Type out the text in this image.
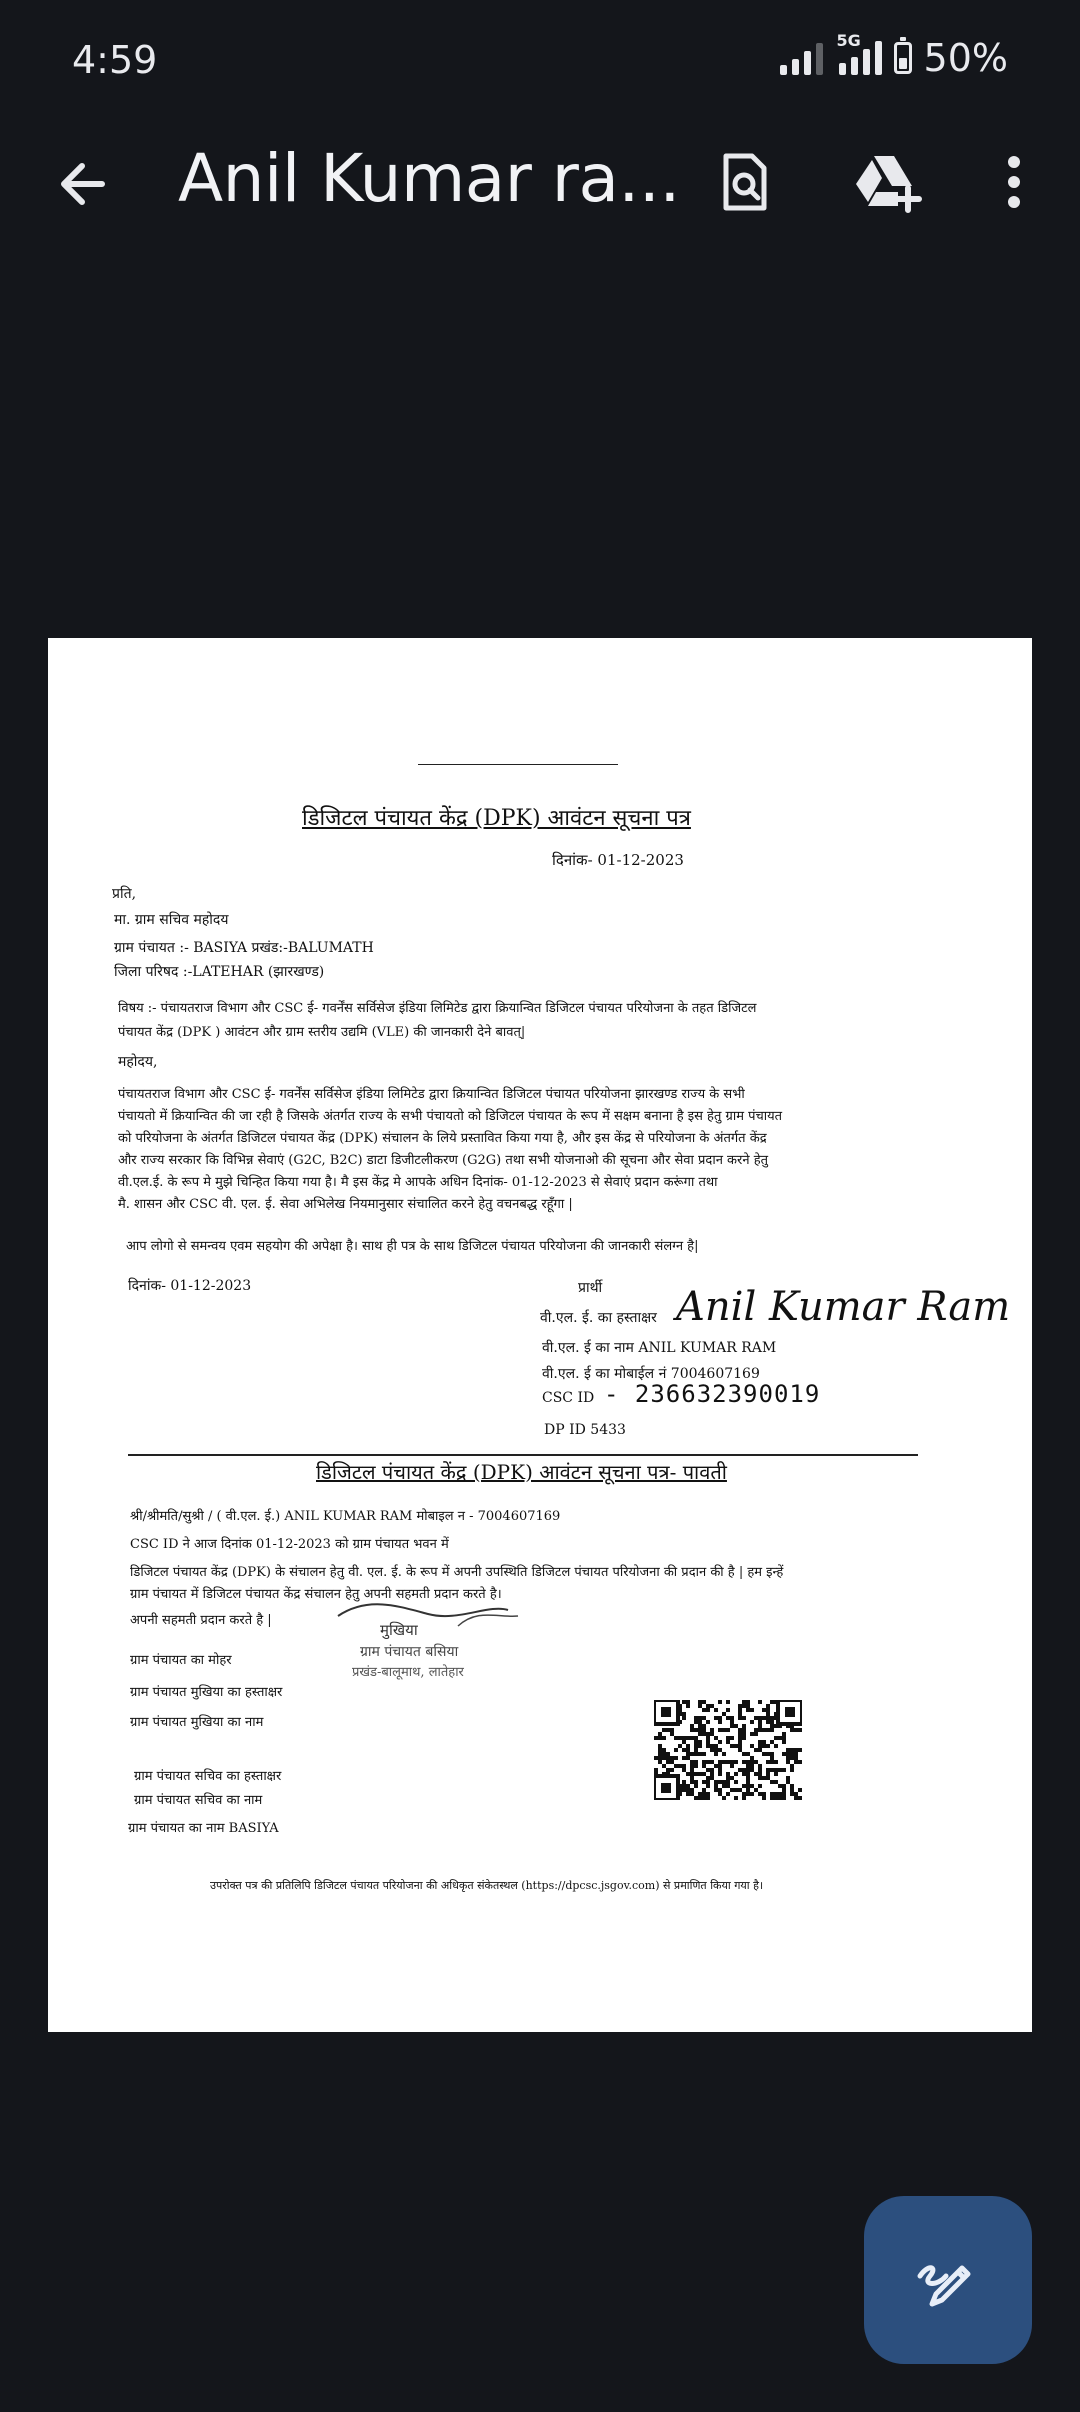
4:59	5G 50%
Anil Kumar ra...
डिजिटल पंचायत केंद्र (DPK) आवंटन सूचना पत्र
दिनांक- 01-12-2023
प्रति,
मा. ग्राम सचिव महोदय
ग्राम पंचायत :- BASIYA प्रखंड:-BALUMATH
जिला परिषद :-LATEHAR (झारखण्ड)
विषय :- पंचायतराज विभाग और CSC ई- गवर्नेंस सर्विसेज इंडिया लिमिटेड द्वारा क्रियान्वित डिजिटल पंचायत परियोजना के तहत डिजिटल
पंचायत केंद्र (DPK ) आवंटन और ग्राम स्तरीय उद्यमि (VLE) की जानकारी देने बावत्|
महोदय,
पंचायतराज विभाग और CSC ई- गवर्नेंस सर्विसेज इंडिया लिमिटेड द्वारा क्रियान्वित डिजिटल पंचायत परियोजना झारखण्ड राज्य के सभी
पंचायतो में क्रियान्वित की जा रही है जिसके अंतर्गत राज्य के सभी पंचायतो को डिजिटल पंचायत के रूप में सक्षम बनाना है इस हेतु ग्राम पंचायत
को परियोजना के अंतर्गत डिजिटल पंचायत केंद्र (DPK) संचालन के लिये प्रस्तावित किया गया है, और इस केंद्र से परियोजना के अंतर्गत केंद्र
और राज्य सरकार कि विभिन्न सेवाएं (G2C, B2C) डाटा डिजीटलीकरण (G2G) तथा सभी योजनाओ की सूचना और सेवा प्रदान करने हेतु
वी.एल.ई. के रूप मे मुझे चिन्हित किया गया है। मै इस केंद्र मे आपके अधिन दिनांक- 01-12-2023 से सेवाएं प्रदान करूंगा तथा
मै. शासन और CSC वी. एल. ई. सेवा अभिलेख नियमानुसार संचालित करने हेतु वचनबद्ध रहूँगा |
आप लोगो से समन्वय एवम सहयोग की अपेक्षा है। साथ ही पत्र के साथ डिजिटल पंचायत परियोजना की जानकारी संलग्न है|
दिनांक- 01-12-2023	प्रार्थी
वी.एल. ई. का हस्ताक्षर Anil Kumar Ram
वी.एल. ई का नाम ANIL KUMAR RAM
वी.एल. ई का मोबाईल नं 7004607169
CSC ID - 236632390019
DP ID 5433
डिजिटल पंचायत केंद्र (DPK) आवंटन सूचना पत्र- पावती
श्री/श्रीमति/सुश्री / ( वी.एल. ई.) ANIL KUMAR RAM मोबाइल न - 7004607169
CSC ID ने आज दिनांक 01-12-2023 को ग्राम पंचायत भवन में
डिजिटल पंचायत केंद्र (DPK) के संचालन हेतु वी. एल. ई. के रूप में अपनी उपस्थिति डिजिटल पंचायत परियोजना की प्रदान की है | हम इन्हें
ग्राम पंचायत में डिजिटल पंचायत केंद्र संचालन हेतु अपनी सहमती प्रदान करते है।
अपनी सहमती प्रदान करते है |
ग्राम पंचायत का मोहर
ग्राम पंचायत मुखिया का हस्ताक्षर
ग्राम पंचायत मुखिया का नाम
ग्राम पंचायत सचिव का हस्ताक्षर
ग्राम पंचायत सचिव का नाम
ग्राम पंचायत का नाम BASIYA
मुखिया
ग्राम पंचायत बसिया
प्रखंड-बालूमाथ, लातेहार
उपरोक्त पत्र की प्रतिलिपि डिजिटल पंचायत परियोजना की अधिकृत संकेतस्थल (https://dpcsc.jsgov.com) से प्रमाणित किया गया है।
